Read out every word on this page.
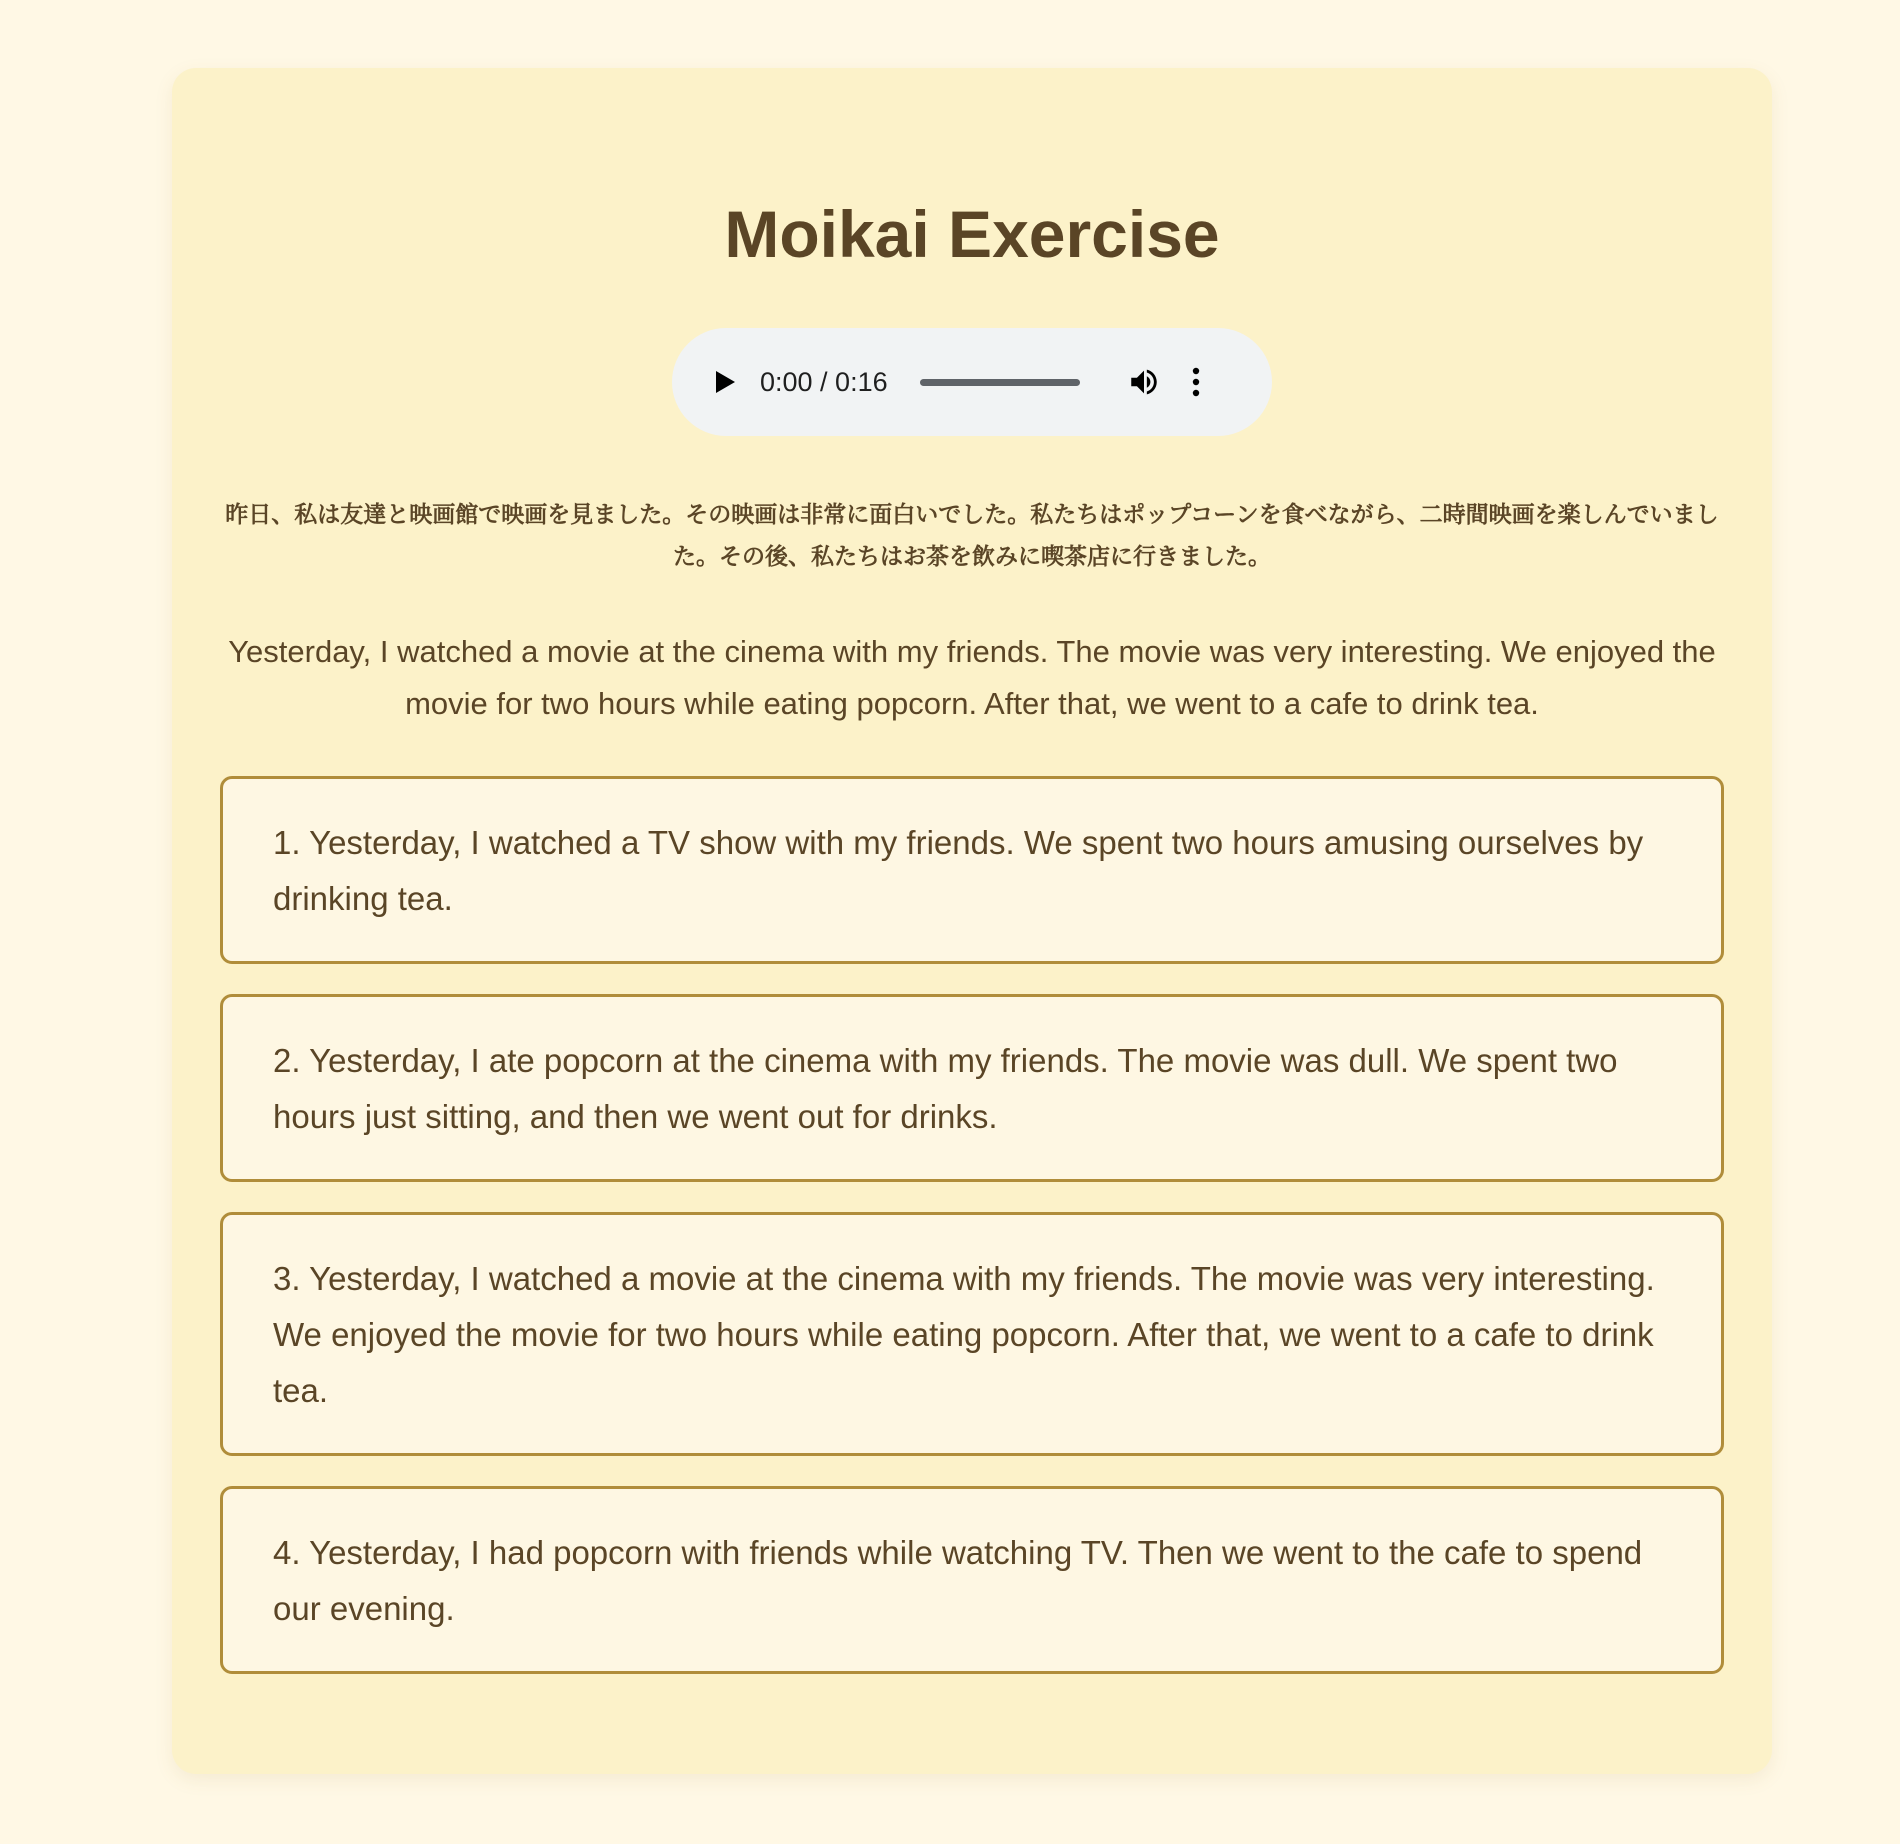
Moikai Exercise
0:00 / 0:16

昨日、私は友達と映画館で映画を見ました。その映画は非常に面白いでした。私たちはポップコーンを食べながら、二時間映画を楽しんでいました。その後、私たちはお茶を飲みに喫茶店に行きました。

Yesterday, I watched a movie at the cinema with my friends. The movie was very interesting. We enjoyed the movie for two hours while eating popcorn. After that, we went to a cafe to drink tea.

1. Yesterday, I watched a TV show with my friends. We spent two hours amusing ourselves by drinking tea.
2. Yesterday, I ate popcorn at the cinema with my friends. The movie was dull. We spent two hours just sitting, and then we went out for drinks.
3. Yesterday, I watched a movie at the cinema with my friends. The movie was very interesting. We enjoyed the movie for two hours while eating popcorn. After that, we went to a cafe to drink tea.
4. Yesterday, I had popcorn with friends while watching TV. Then we went to the cafe to spend our evening.
